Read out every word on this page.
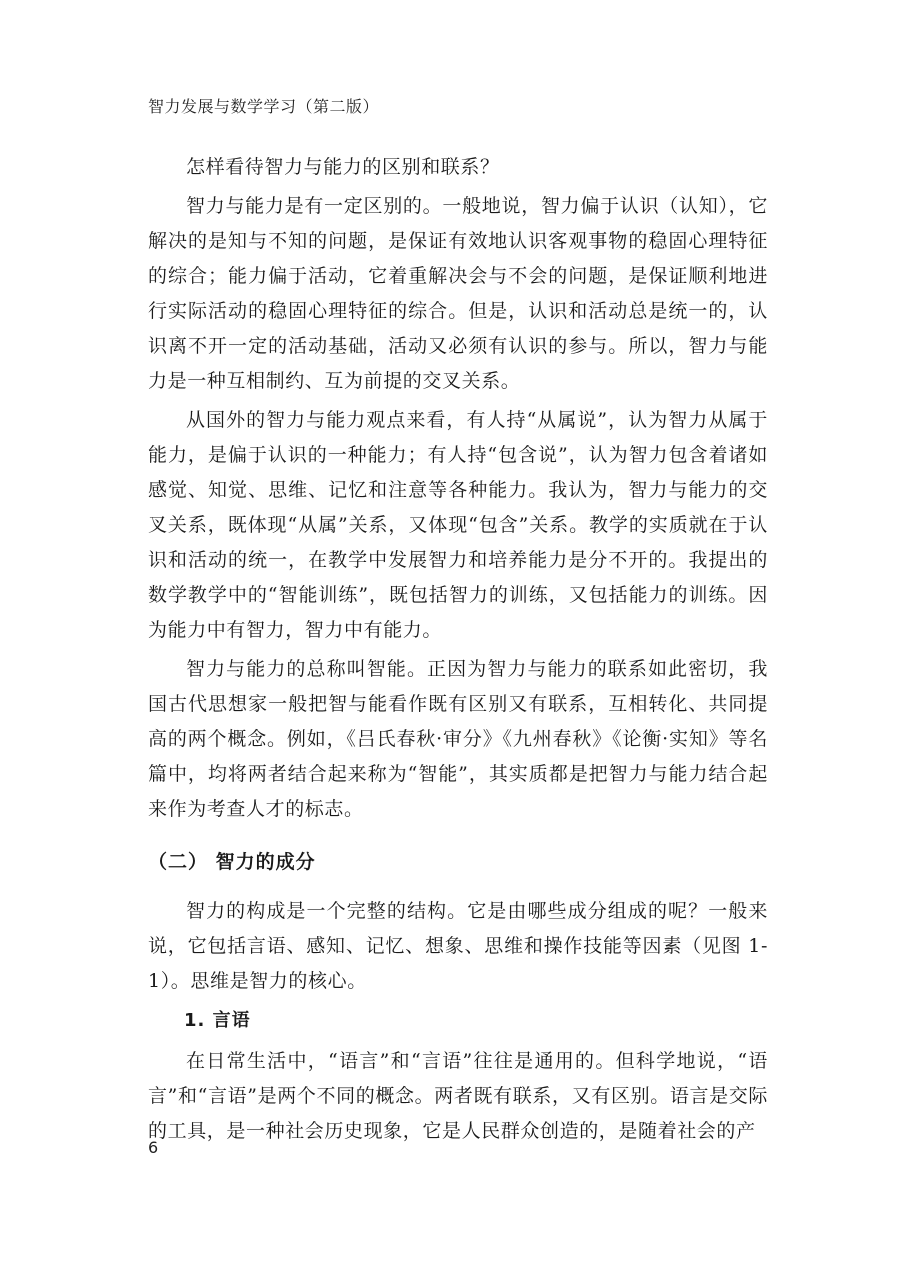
智力发展与数学学习（第二版）

怎样看待智力与能力的区别和联系？

智力与能力是有一定区别的。一般地说，智力偏于认识（认知），它解决的是知与不知的问题，是保证有效地认识客观事物的稳固心理特征的综合；能力偏于活动，它着重解决会与不会的问题，是保证顺利地进行实际活动的稳固心理特征的综合。但是，认识和活动总是统一的，认识离不开一定的活动基础，活动又必须有认识的参与。所以，智力与能力是一种互相制约、互为前提的交叉关系。

从国外的智力与能力观点来看，有人持“从属说”，认为智力从属于能力，是偏于认识的一种能力；有人持“包含说”，认为智力包含着诸如感觉、知觉、思维、记忆和注意等各种能力。我认为，智力与能力的交叉关系，既体现“从属”关系，又体现“包含”关系。教学的实质就在于认识和活动的统一，在教学中发展智力和培养能力是分不开的。我提出的数学教学中的“智能训练”，既包括智力的训练，又包括能力的训练。因为能力中有智力，智力中有能力。

智力与能力的总称叫智能。正因为智力与能力的联系如此密切，我国古代思想家一般把智与能看作既有区别又有联系，互相转化、共同提高的两个概念。例如，《吕氏春秋·审分》《九州春秋》《论衡·实知》等名篇中，均将两者结合起来称为“智能”，其实质都是把智力与能力结合起来作为考查人才的标志。

（二） 智力的成分

智力的构成是一个完整的结构。它是由哪些成分组成的呢？一般来说，它包括言语、感知、记忆、想象、思维和操作技能等因素（见图 1-1）。思维是智力的核心。

1. 言语

在日常生活中，“语言”和“言语”往往是通用的。但科学地说，“语言”和“言语”是两个不同的概念。两者既有联系，又有区别。语言是交际的工具，是一种社会历史现象，它是人民群众创造的，是随着社会的产

6
